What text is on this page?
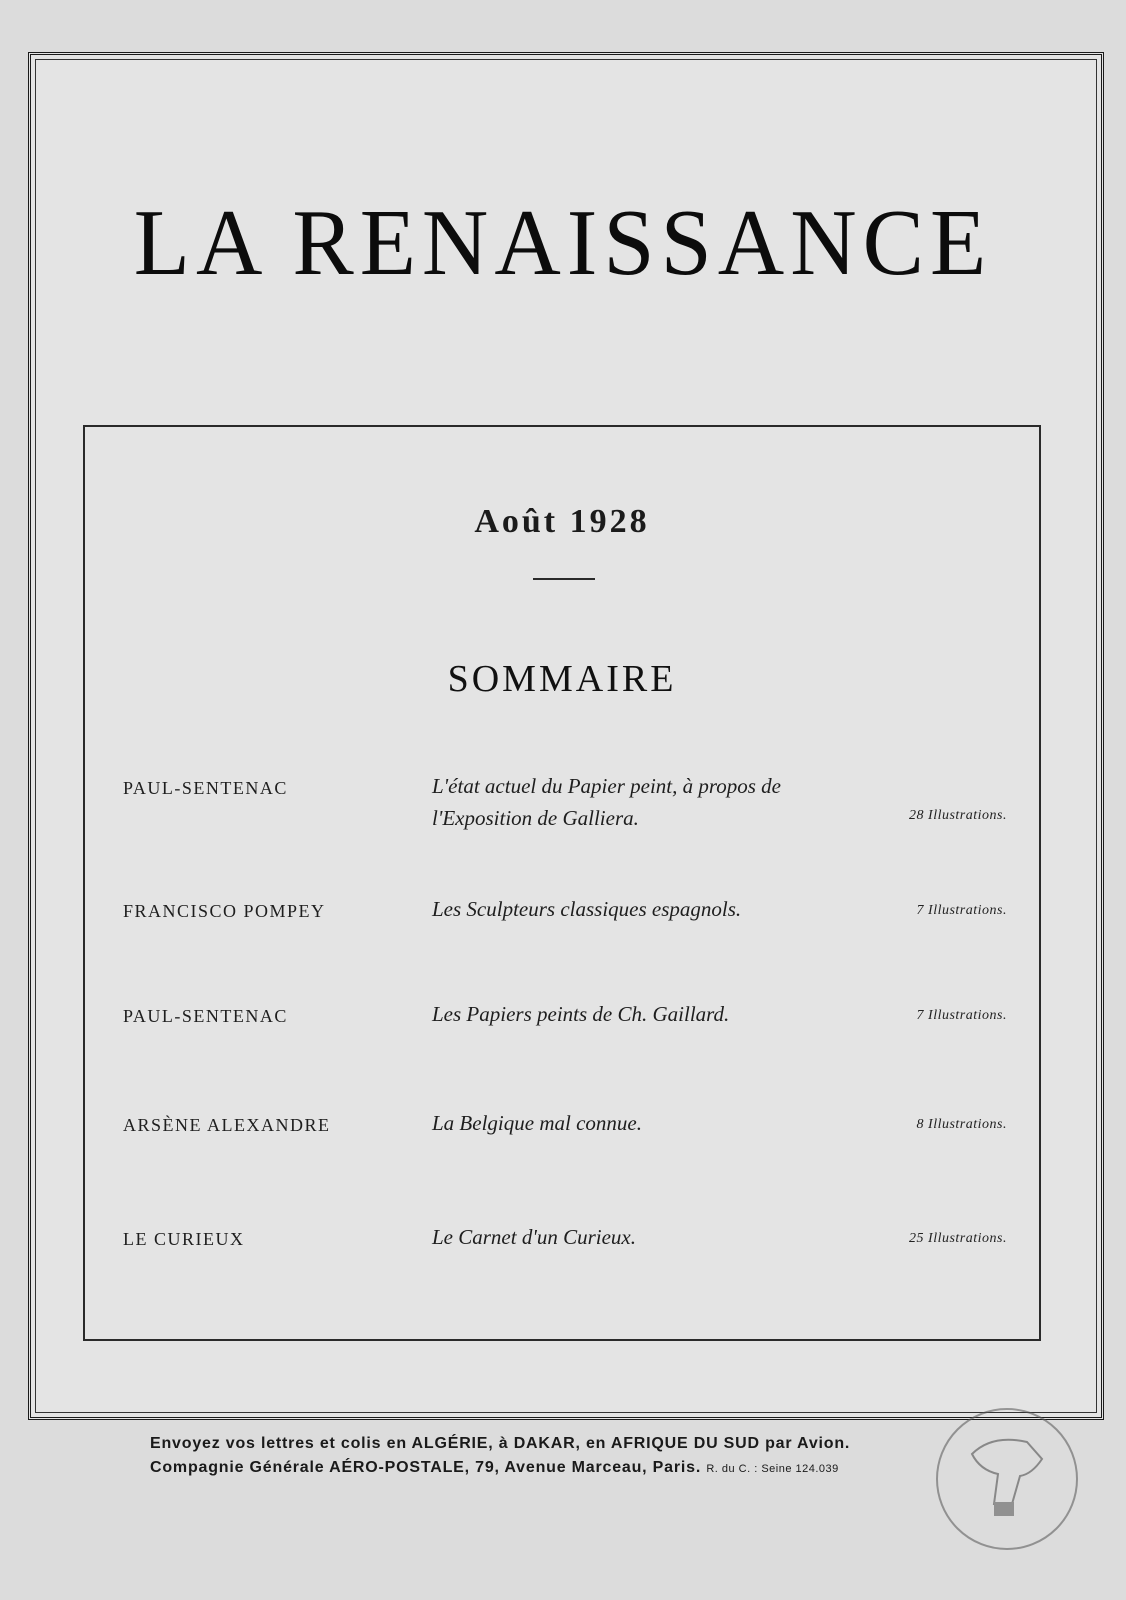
LA RENAISSANCE
Août 1928
SOMMAIRE
PAUL-SENTENAC	L'état actuel du Papier peint, à propos de l'Exposition de Galliera.	28 Illustrations.
FRANCISCO POMPEY	Les Sculpteurs classiques espagnols.	7 Illustrations.
PAUL-SENTENAC	Les Papiers peints de Ch. Gaillard.	7 Illustrations.
ARSÈNE ALEXANDRE	La Belgique mal connue.	8 Illustrations.
LE CURIEUX	Le Carnet d'un Curieux.	25 Illustrations.
Envoyez vos lettres et colis en ALGÉRIE, à DAKAR, en AFRIQUE DU SUD par Avion.
Compagnie Générale AÉRO-POSTALE, 79, Avenue Marceau, Paris. R. du C. : Seine 124.039
